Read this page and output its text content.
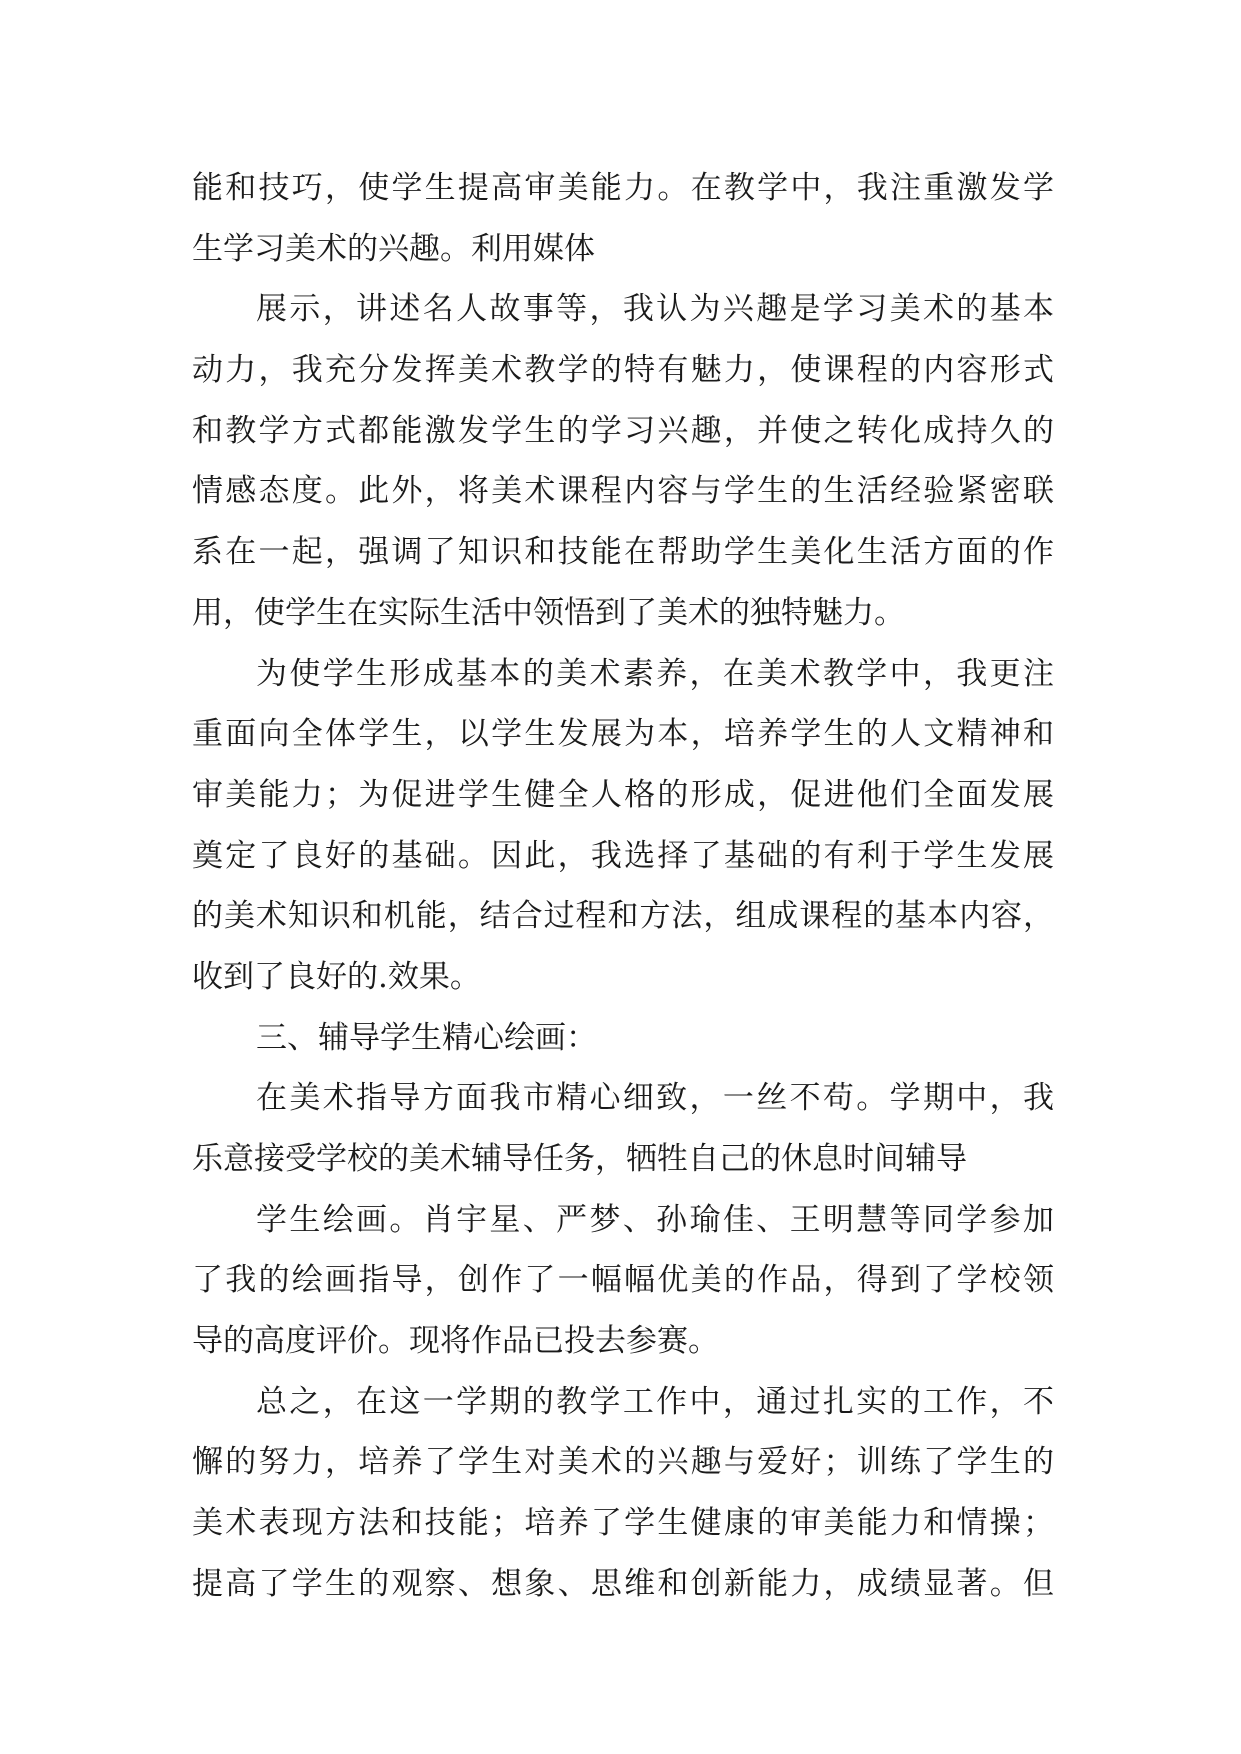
能和技巧，使学生提高审美能力。在教学中，我注重激发学
生学习美术的兴趣。利用媒体
展示，讲述名人故事等，我认为兴趣是学习美术的基本
动力，我充分发挥美术教学的特有魅力，使课程的内容形式
和教学方式都能激发学生的学习兴趣，并使之转化成持久的
情感态度。此外，将美术课程内容与学生的生活经验紧密联
系在一起，强调了知识和技能在帮助学生美化生活方面的作
用，使学生在实际生活中领悟到了美术的独特魅力。
为使学生形成基本的美术素养，在美术教学中，我更注
重面向全体学生，以学生发展为本，培养学生的人文精神和
审美能力；为促进学生健全人格的形成，促进他们全面发展
奠定了良好的基础。因此，我选择了基础的有利于学生发展
的美术知识和机能，结合过程和方法，组成课程的基本内容，
收到了良好的.效果。
三、辅导学生精心绘画：
在美术指导方面我市精心细致，一丝不苟。学期中，我
乐意接受学校的美术辅导任务，牺牲自己的休息时间辅导
学生绘画。肖宇星、严梦、孙瑜佳、王明慧等同学参加
了我的绘画指导，创作了一幅幅优美的作品，得到了学校领
导的高度评价。现将作品已投去参赛。
总之，在这一学期的教学工作中，通过扎实的工作，不
懈的努力，培养了学生对美术的兴趣与爱好；训练了学生的
美术表现方法和技能；培养了学生健康的审美能力和情操；
提高了学生的观察、想象、思维和创新能力，成绩显著。但
